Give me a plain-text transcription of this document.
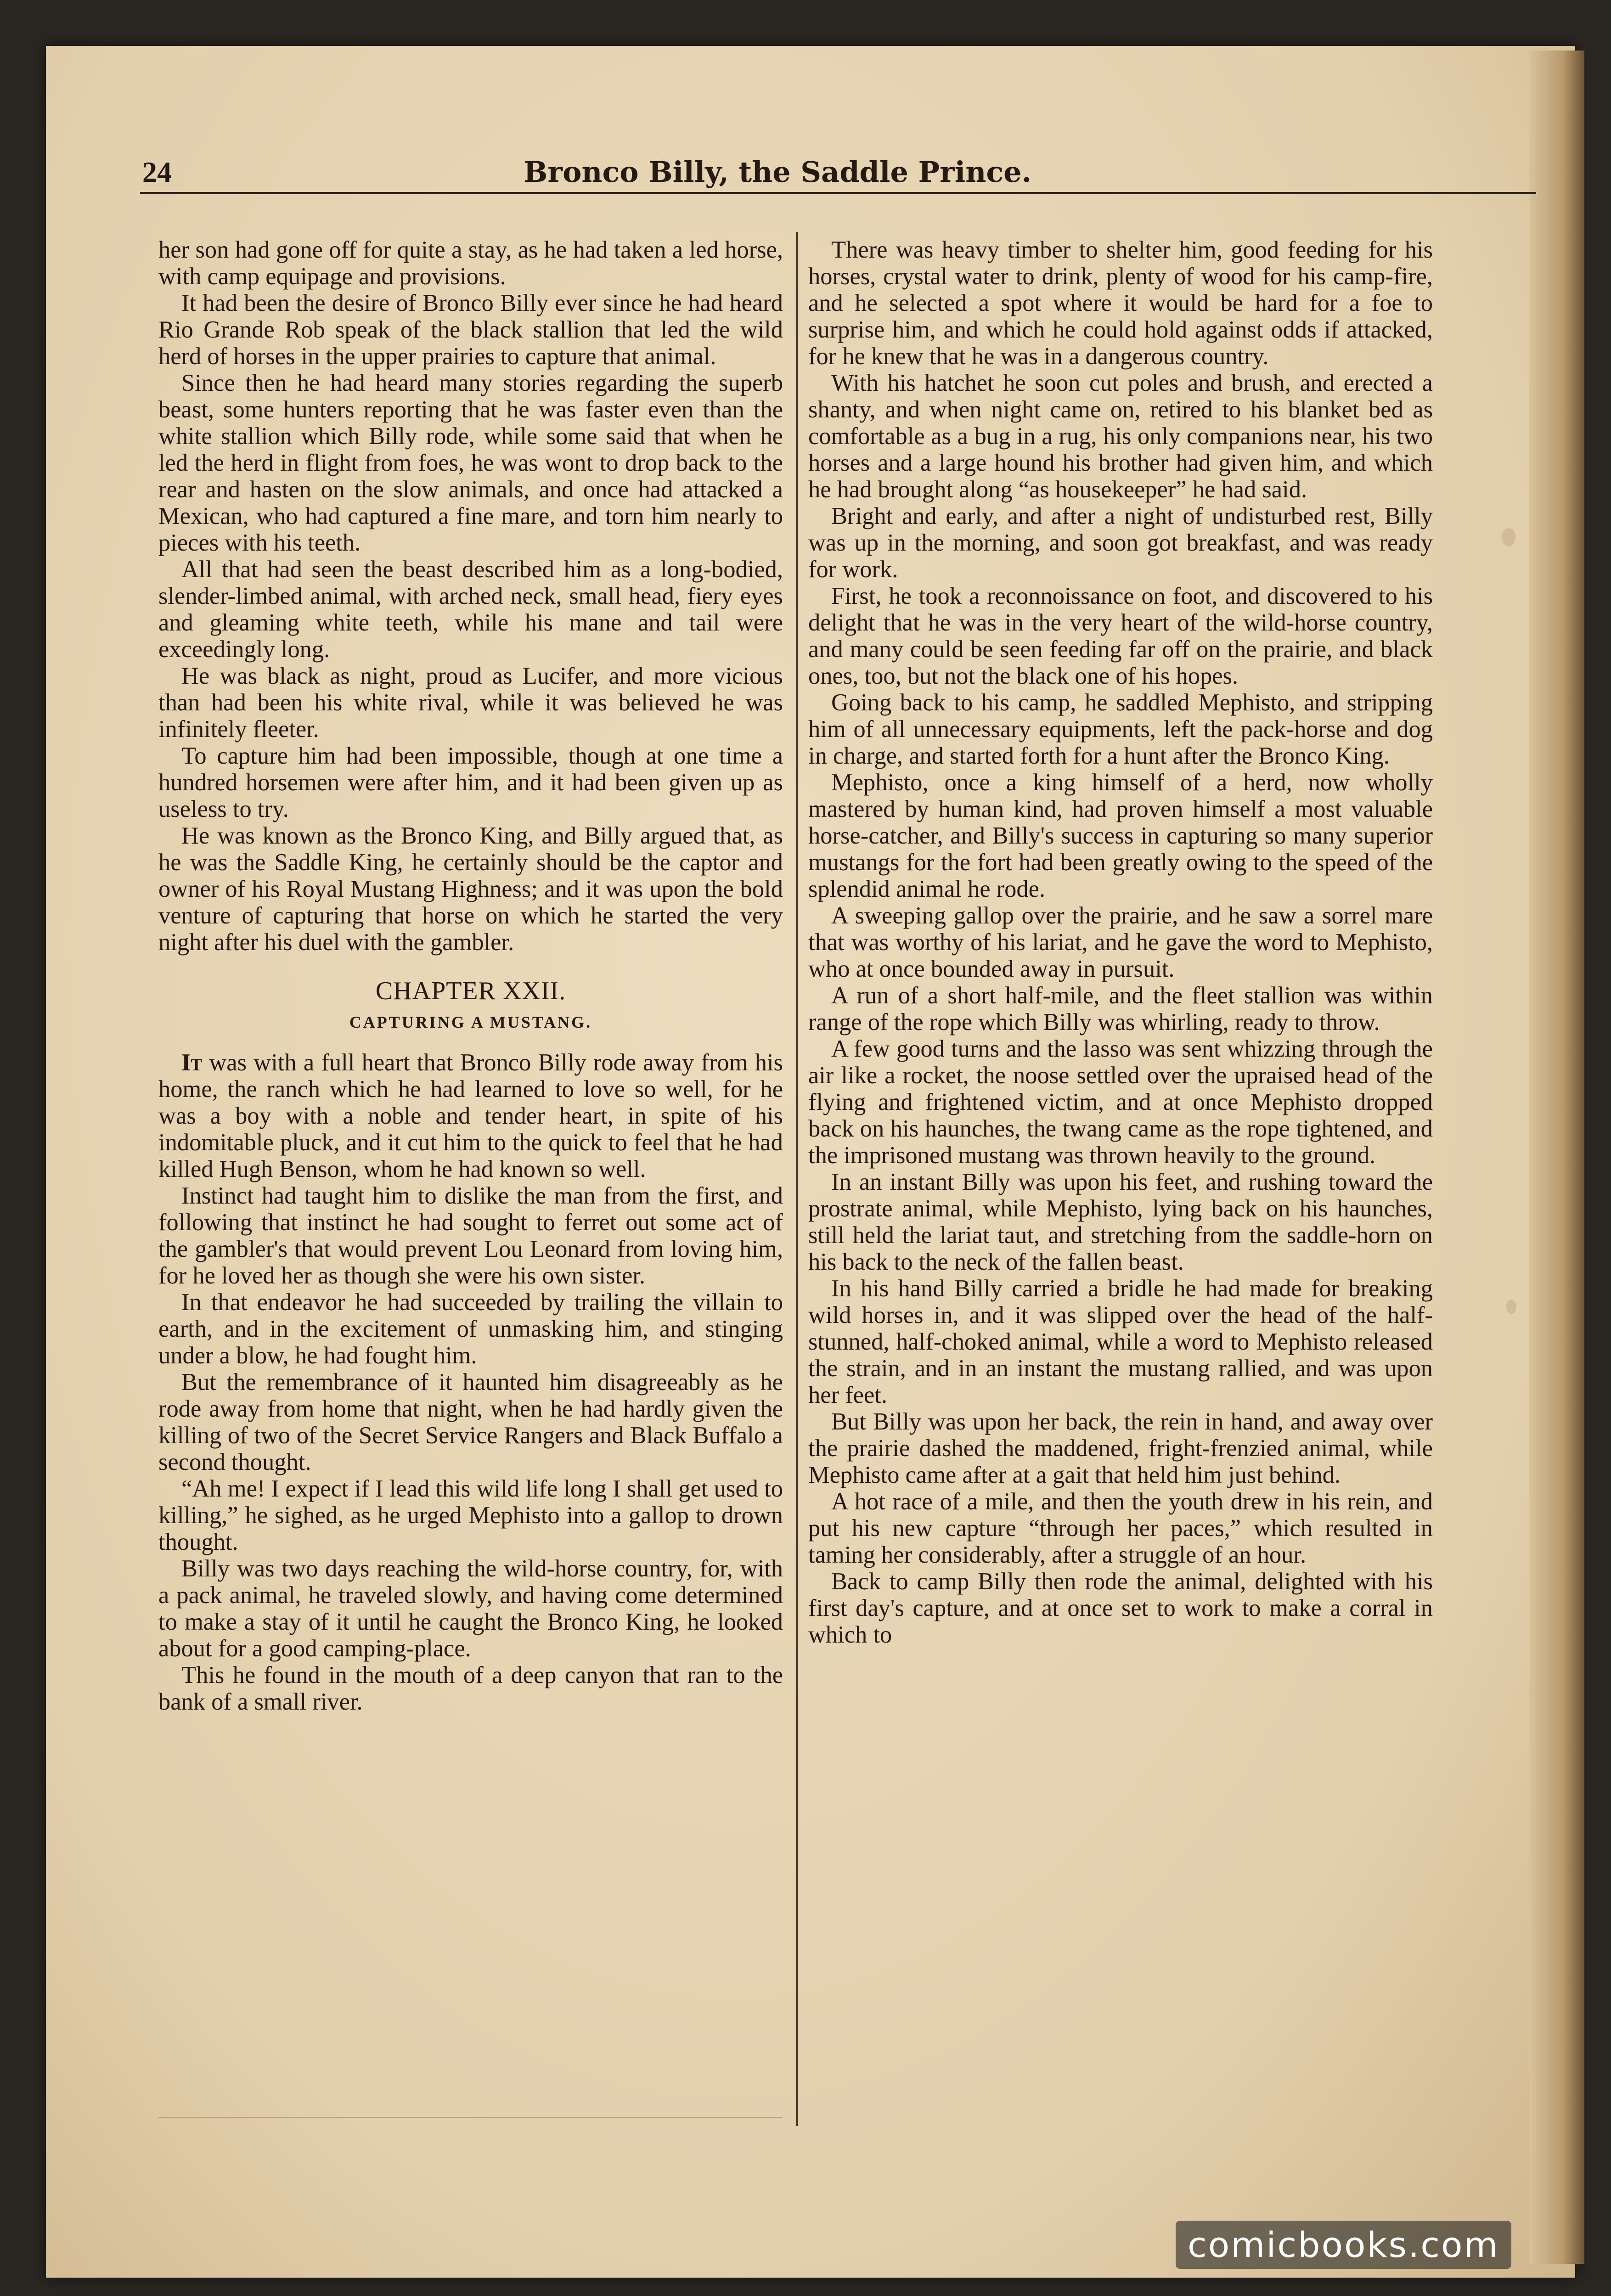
24	Bronco Billy, the Saddle Prince.

her son had gone off for quite a stay, as he had taken a led horse, with camp equipage and provisions.

It had been the desire of Bronco Billy ever since he had heard Rio Grande Rob speak of the black stallion that led the wild herd of horses in the upper prairies to capture that animal.

Since then he had heard many stories regarding the superb beast, some hunters reporting that he was faster even than the white stallion which Billy rode, while some said that when he led the herd in flight from foes, he was wont to drop back to the rear and hasten on the slow animals, and once had attacked a Mexican, who had captured a fine mare, and torn him nearly to pieces with his teeth.

All that had seen the beast described him as a long-bodied, slender-limbed animal, with arched neck, small head, fiery eyes and gleaming white teeth, while his mane and tail were exceedingly long.

He was black as night, proud as Lucifer, and more vicious than had been his white rival, while it was believed he was infinitely fleeter.

To capture him had been impossible, though at one time a hundred horsemen were after him, and it had been given up as useless to try.

He was known as the Bronco King, and Billy argued that, as he was the Saddle King, he certainly should be the captor and owner of his Royal Mustang Highness; and it was upon the bold venture of capturing that horse on which he started the very night after his duel with the gambler.

CHAPTER XXII.
CAPTURING A MUSTANG.

It was with a full heart that Bronco Billy rode away from his home, the ranch which he had learned to love so well, for he was a boy with a noble and tender heart, in spite of his indomitable pluck, and it cut him to the quick to feel that he had killed Hugh Benson, whom he had known so well.

Instinct had taught him to dislike the man from the first, and following that instinct he had sought to ferret out some act of the gambler's that would prevent Lou Leonard from loving him, for he loved her as though she were his own sister.

In that endeavor he had succeeded by trailing the villain to earth, and in the excitement of unmasking him, and stinging under a blow, he had fought him.

But the remembrance of it haunted him disagreeably as he rode away from home that night, when he had hardly given the killing of two of the Secret Service Rangers and Black Buffalo a second thought.

“Ah me! I expect if I lead this wild life long I shall get used to killing,” he sighed, as he urged Mephisto into a gallop to drown thought.

Billy was two days reaching the wild-horse country, for, with a pack animal, he traveled slowly, and having come determined to make a stay of it until he caught the Bronco King, he looked about for a good camping-place.

This he found in the mouth of a deep canyon that ran to the bank of a small river.

There was heavy timber to shelter him, good feeding for his horses, crystal water to drink, plenty of wood for his camp-fire, and he selected a spot where it would be hard for a foe to surprise him, and which he could hold against odds if attacked, for he knew that he was in a dangerous country.

With his hatchet he soon cut poles and brush, and erected a shanty, and when night came on, retired to his blanket bed as comfortable as a bug in a rug, his only companions near, his two horses and a large hound his brother had given him, and which he had brought along “as housekeeper” he had said.

Bright and early, and after a night of undisturbed rest, Billy was up in the morning, and soon got breakfast, and was ready for work.

First, he took a reconnoissance on foot, and discovered to his delight that he was in the very heart of the wild-horse country, and many could be seen feeding far off on the prairie, and black ones, too, but not the black one of his hopes.

Going back to his camp, he saddled Mephisto, and stripping him of all unnecessary equipments, left the pack-horse and dog in charge, and started forth for a hunt after the Bronco King.

Mephisto, once a king himself of a herd, now wholly mastered by human kind, had proven himself a most valuable horse-catcher, and Billy's success in capturing so many superior mustangs for the fort had been greatly owing to the speed of the splendid animal he rode.

A sweeping gallop over the prairie, and he saw a sorrel mare that was worthy of his lariat, and he gave the word to Mephisto, who at once bounded away in pursuit.

A run of a short half-mile, and the fleet stallion was within range of the rope which Billy was whirling, ready to throw.

A few good turns and the lasso was sent whizzing through the air like a rocket, the noose settled over the upraised head of the flying and frightened victim, and at once Mephisto dropped back on his haunches, the twang came as the rope tightened, and the imprisoned mustang was thrown heavily to the ground.

In an instant Billy was upon his feet, and rushing toward the prostrate animal, while Mephisto, lying back on his haunches, still held the lariat taut, and stretching from the saddle-horn on his back to the neck of the fallen beast.

In his hand Billy carried a bridle he had made for breaking wild horses in, and it was slipped over the head of the half-stunned, half-choked animal, while a word to Mephisto released the strain, and in an instant the mustang rallied, and was upon her feet.

But Billy was upon her back, the rein in hand, and away over the prairie dashed the maddened, fright-frenzied animal, while Mephisto came after at a gait that held him just behind.

A hot race of a mile, and then the youth drew in his rein, and put his new capture “through her paces,” which resulted in taming her considerably, after a struggle of an hour.

Back to camp Billy then rode the animal, delighted with his first day's capture, and at once set to work to make a corral in which to

comicbooks.com
